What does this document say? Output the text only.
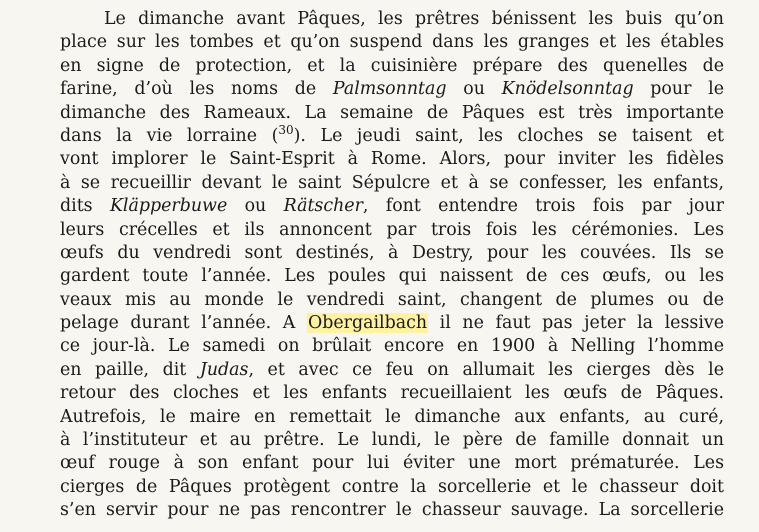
Le dimanche avant Pâques, les prêtres bénissent les buis qu’on
place sur les tombes et qu’on suspend dans les granges et les étables
en signe de protection, et la cuisinière prépare des quenelles de
farine, d’où les noms de Palmsonntag ou Knödelsonntag pour le
dimanche des Rameaux. La semaine de Pâques est très importante
dans la vie lorraine ($^{30}$). Le jeudi saint, les cloches se taisent et
vont implorer le Saint-Esprit à Rome. Alors, pour inviter les fidèles
à se recueillir devant le saint Sépulcre et à se confesser, les enfants,
dits Kläpperbuwe ou Rätscher, font entendre trois fois par jour
leurs crécelles et ils annoncent par trois fois les cérémonies. Les
œufs du vendredi sont destinés, à Destry, pour les couvées. Ils se
gardent toute l’année. Les poules qui naissent de ces œufs, ou les
veaux mis au monde le vendredi saint, changent de plumes ou de
pelage durant l’année. A Obergailbach il ne faut pas jeter la lessive
ce jour-là. Le samedi on brûlait encore en 1900 à Nelling l’homme
en paille, dit Judas, et avec ce feu on allumait les cierges dès le
retour des cloches et les enfants recueillaient les œufs de Pâques.
Autrefois, le maire en remettait le dimanche aux enfants, au curé,
à l’instituteur et au prêtre. Le lundi, le père de famille donnait un
œuf rouge à son enfant pour lui éviter une mort prématurée. Les
cierges de Pâques protègent contre la sorcellerie et le chasseur doit
s’en servir pour ne pas rencontrer le chasseur sauvage. La sorcellerie
